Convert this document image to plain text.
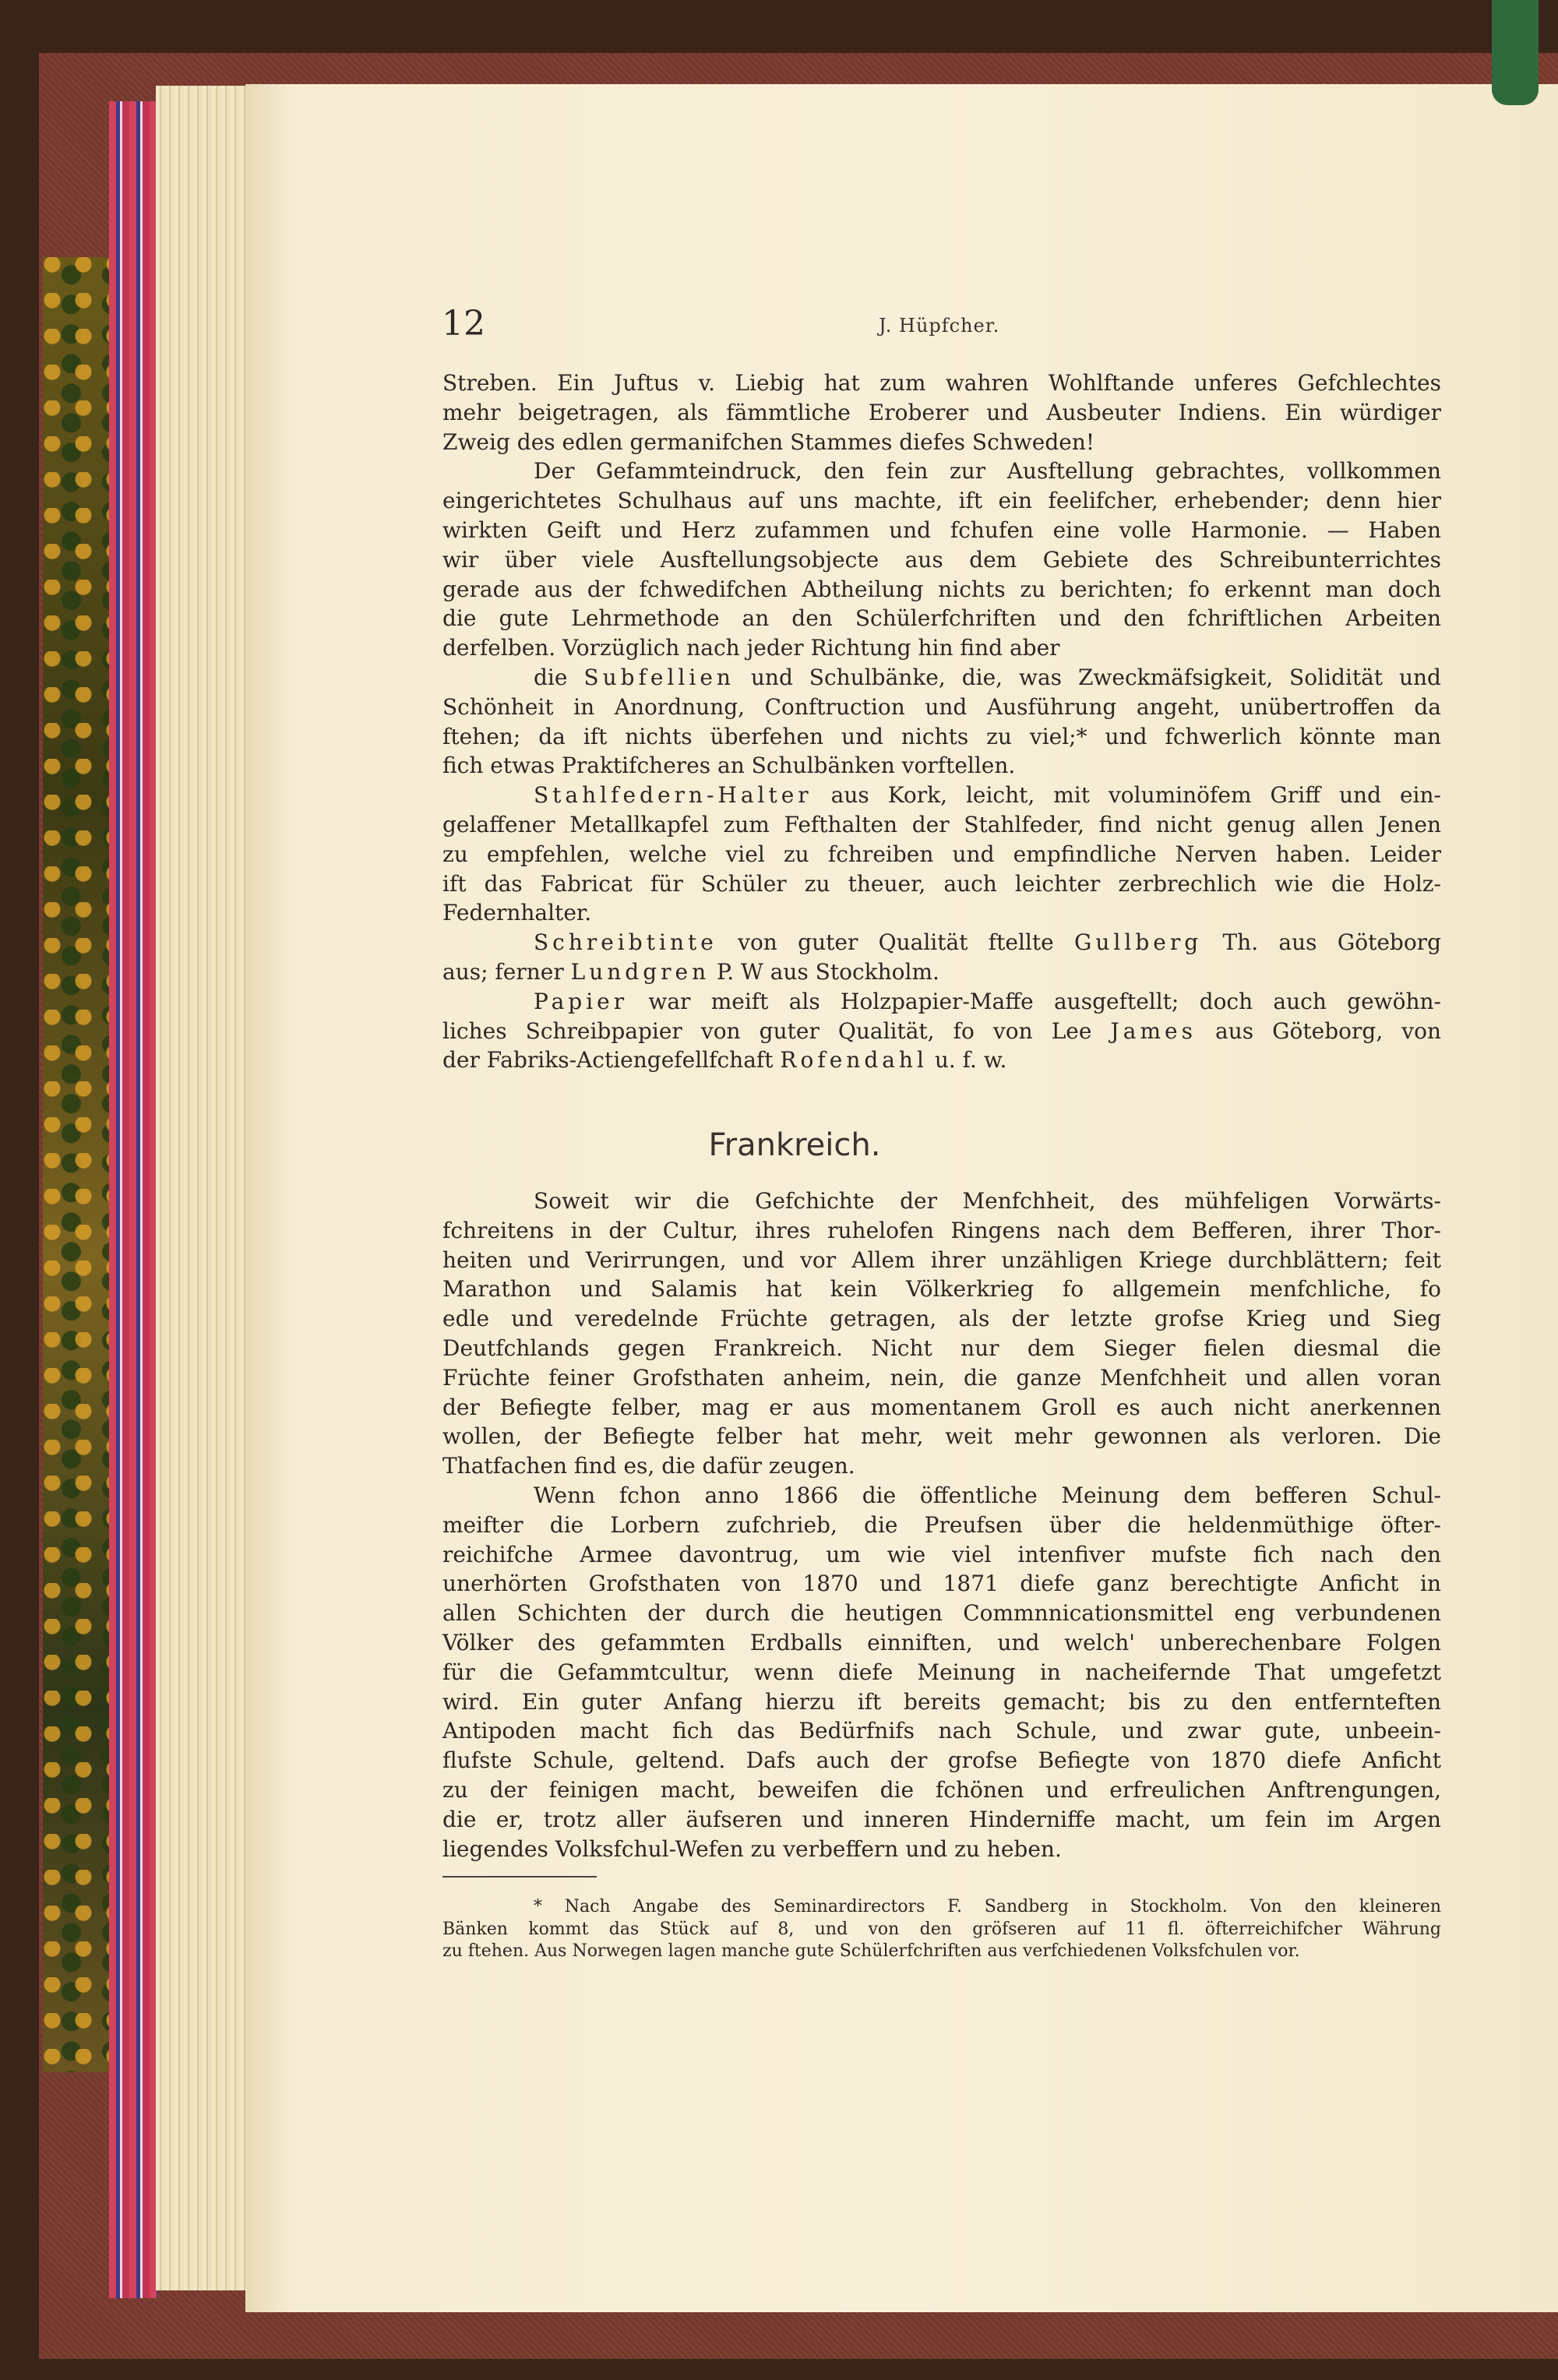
12	J. Hüpfcher.

Streben. Ein Juftus v. Liebig hat zum wahren Wohlftande unferes Gefchlechtes

mehr beigetragen, als fämmtliche Eroberer und Ausbeuter Indiens. Ein würdiger

Zweig des edlen germanifchen Stammes diefes Schweden!

Der Gefammteindruck, den fein zur Ausftellung gebrachtes, vollkommen

eingerichtetes Schulhaus auf uns machte, ift ein feelifcher, erhebender; denn hier

wirkten Geift und Herz zufammen und fchufen eine volle Harmonie. — Haben

wir über viele Ausftellungsobjecte aus dem Gebiete des Schreibunterrichtes

gerade aus der fchwedifchen Abtheilung nichts zu berichten; fo erkennt man doch

die gute Lehrmethode an den Schülerfchriften und den fchriftlichen Arbeiten

derfelben. Vorzüglich nach jeder Richtung hin find aber

die Subfellien und Schulbänke, die, was Zweckmäfsigkeit, Solidität und

Schönheit in Anordnung, Conftruction und Ausführung angeht, unübertroffen da

ftehen; da ift nichts überfehen und nichts zu viel;* und fchwerlich könnte man

fich etwas Praktifcheres an Schulbänken vorftellen.

Stahlfedern-Halter aus Kork, leicht, mit voluminöfem Griff und ein-

gelaffener Metallkapfel zum Fefthalten der Stahlfeder, find nicht genug allen Jenen

zu empfehlen, welche viel zu fchreiben und empfindliche Nerven haben. Leider

ift das Fabricat für Schüler zu theuer, auch leichter zerbrechlich wie die Holz-

Federnhalter.

Schreibtinte von guter Qualität ftellte Gullberg Th. aus Göteborg

aus; ferner Lundgren P. W aus Stockholm.

Papier war meift als Holzpapier-Maffe ausgeftellt; doch auch gewöhn-

liches Schreibpapier von guter Qualität, fo von Lee James aus Göteborg, von

der Fabriks-Actiengefellfchaft Rofendahl u. f. w.

Frankreich.

Soweit wir die Gefchichte der Menfchheit, des mühfeligen Vorwärts-

fchreitens in der Cultur, ihres ruhelofen Ringens nach dem Befferen, ihrer Thor-

heiten und Verirrungen, und vor Allem ihrer unzähligen Kriege durchblättern; feit

Marathon und Salamis hat kein Völkerkrieg fo allgemein menfchliche, fo

edle und veredelnde Früchte getragen, als der letzte grofse Krieg und Sieg

Deutfchlands gegen Frankreich. Nicht nur dem Sieger fielen diesmal die

Früchte feiner Grofsthaten anheim, nein, die ganze Menfchheit und allen voran

der Befiegte felber, mag er aus momentanem Groll es auch nicht anerkennen

wollen, der Befiegte felber hat mehr, weit mehr gewonnen als verloren. Die

Thatfachen find es, die dafür zeugen.

Wenn fchon anno 1866 die öffentliche Meinung dem befferen Schul-

meifter die Lorbern zufchrieb, die Preufsen über die heldenmüthige öfter-

reichifche Armee davontrug, um wie viel intenfiver mufste fich nach den

unerhörten Grofsthaten von 1870 und 1871 diefe ganz berechtigte Anficht in

allen Schichten der durch die heutigen Commnnicationsmittel eng verbundenen

Völker des gefammten Erdballs einniften, und welch' unberechenbare Folgen

für die Gefammtcultur, wenn diefe Meinung in nacheifernde That umgefetzt

wird. Ein guter Anfang hierzu ift bereits gemacht; bis zu den entfernteften

Antipoden macht fich das Bedürfnifs nach Schule, und zwar gute, unbeein-

flufste Schule, geltend. Dafs auch der grofse Befiegte von 1870 diefe Anficht

zu der feinigen macht, beweifen die fchönen und erfreulichen Anftrengungen,

die er, trotz aller äufseren und inneren Hinderniffe macht, um fein im Argen

liegendes Volksfchul-Wefen zu verbeffern und zu heben.

* Nach Angabe des Seminardirectors F. Sandberg in Stockholm. Von den kleineren

Bänken kommt das Stück auf 8, und von den gröfseren auf 11 fl. öfterreichifcher Währung

zu ftehen. Aus Norwegen lagen manche gute Schülerfchriften aus verfchiedenen Volksfchulen vor.
